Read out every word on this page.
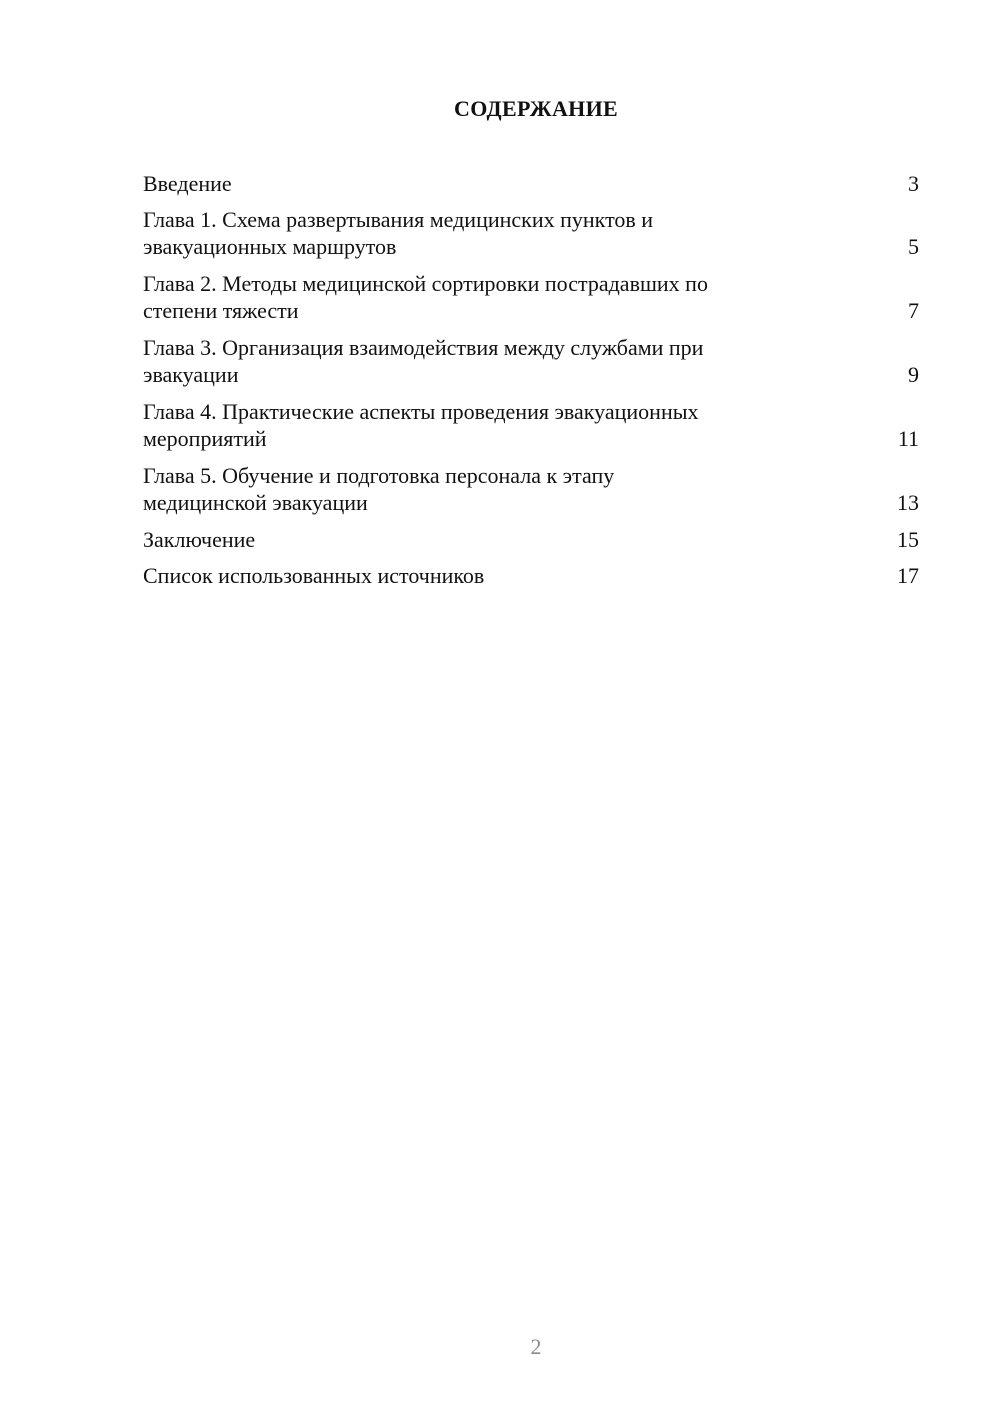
СОДЕРЖАНИЕ
Введение	3
Глава 1. Схема развертывания медицинских пунктов и
эвакуационных маршрутов	5
Глава 2. Методы медицинской сортировки пострадавших по
степени тяжести	7
Глава 3. Организация взаимодействия между службами при
эвакуации	9
Глава 4. Практические аспекты проведения эвакуационных
мероприятий	11
Глава 5. Обучение и подготовка персонала к этапу
медицинской эвакуации	13
Заключение	15
Список использованных источников	17
2
